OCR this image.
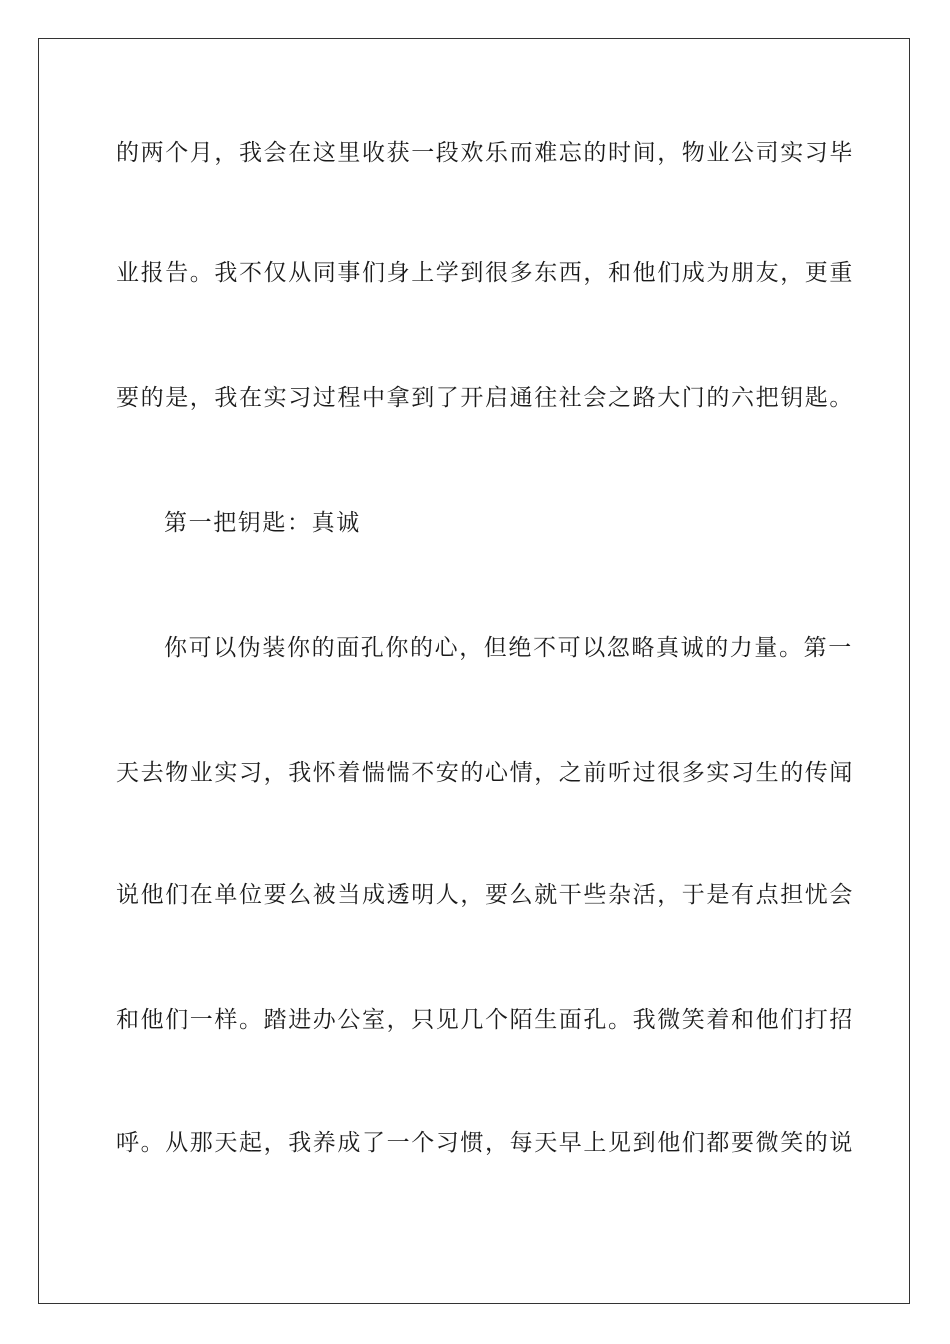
的两个月，我会在这里收获一段欢乐而难忘的时间，物业公司实习毕
业报告。我不仅从同事们身上学到很多东西，和他们成为朋友，更重
要的是，我在实习过程中拿到了开启通往社会之路大门的六把钥匙。
第一把钥匙：真诚
你可以伪装你的面孔你的心，但绝不可以忽略真诚的力量。第一
天去物业实习，我怀着惴惴不安的心情，之前听过很多实习生的传闻
说他们在单位要么被当成透明人，要么就干些杂活，于是有点担忧会
和他们一样。踏进办公室，只见几个陌生面孔。我微笑着和他们打招
呼。从那天起，我养成了一个习惯，每天早上见到他们都要微笑的说
